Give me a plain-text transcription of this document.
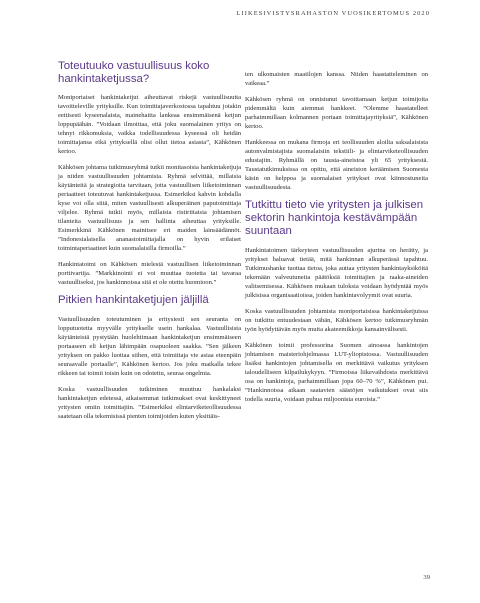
LIIKESIVISTYSRAHASTON VUOSIKERTOMUS 2020
Toteutuuko vastuullisuus koko hankintaketjussa?

Moniportaiset hankintaketjut aiheuttavat riskejä vastuullisuutta tavoitteleville yrityksille. Kun toimittajaverkostossa tapahtuu jotakin eettisesti kyseenalaista, mainehaitta lankeaa ensimmäisenä ketjun loppupäähän. ”Voidaan ilmoittaa, että joku suomalainen yritys on tehnyt rikkomuksia, vaikka todellisuudessa kyseessä oli heidän toimittajansa eikä yrityksellä olisi ollut tietoa asiasta”, Kähkönen kertoo.

Kähkösen johtama tutkimusryhmä tutkii monitasoisia hankintaketjuja ja niiden vastuullisuuden johtamista. Ryhmä selvittää, millaisia käytänteitä ja strategioita tarvitaan, jotta vastuullisen liiketoiminnan periaatteet toteutuvat hankintaketjussa. Esimerkiksi kahvin kohdalla kyse voi olla siitä, miten vastuullisesti alkuperäinen paputoimittaja viljelee. Ryhmä tutkii myös, millaisia ristiriitaisia johtamisen tilanteita vastuullisuus ja sen hallinta aiheuttaa yrityksille. Esimerkkinä Kähkönen mainitsee eri maiden lainsäädännöt. ”Indonesialaisella ananastoimittajalla on hyvin erilaiset toimintaperiaatteet kuin suomalaisilla firmoilla.”

Hankintatoimi on Kähkösen mielestä vastuullisen liiketoiminnan porttivartija. ”Markkinointi ei voi muuttaa tuotetta tai tavaraa vastuulliseksi, jos hankinnoissa sitä ei ole otettu huomioon.”

Pitkien hankintaketjujen jäljillä

Vastuullisuuden toteutuminen ja eritysiesti sen seuranta on lopputuotetta myyvälle yritykselle usein hankalaa. Vastuullisista käytänteistä pystytään huolehtimaan hankintaketjun ensimmäiseen portaaseen eli ketjun lähimpään osapuoleen saakka. ”Sen jälkeen yrityksen on pakko luottaa siihen, että toimittaja vie asiaa eteenpäin seuraavalle portaalle”, Kähkönen kertoo. Jos joku matkalla tekee rikkeen tai toimii toisin kuin on odotettu, seuraa ongelmia.

Koska vastuullisuuden tutkiminen muuttuu hankalaksi hankintaketjun edetessä, aikaisemmat tutkimukset ovat keskittyneet yritysten omiin toimittajiin. ”Esimerkiksi elintarviketeollisuudessa saatetaan olla tekemisissä pienten toimijoiden kuten yksittäis-

ten ulkomaisten maatilojen kanssa. Niiden haastatteleminen on vaikeaa.”

Kähkösen ryhmä on onnistunut tavoittamaan ketjun toimijoita pidemmältä kuin aiemmat hankkeet. ”Olemme haastatelleet parhaimmillaan kolmannen portaan toimittajayrityksiä”, Kähkönen kertoo.

Hankkeessa on mukana firmoja eri teollisuuden aloilta saksalaisista autonvalmistajista suomalaisiin tekstiili- ja elintarviketeollisuuden edustajiin. Ryhmällä on tausta-aineistoa yli 65 yrityksestä. Taustatutkimuksissa on opittu, että aineiston keräämisen Suomesta käsin on helppoa ja suomalaiset yritykset ovat kiinnostuneita vastuullisuudesta.

Tutkittu tieto vie yritysten ja julkisen sektorin hankintoja kestävämpään suuntaan

Hankintatoimen tärkeyteen vastuullisuuden ajurina on herätty, ja yritykset haluavat tietää, mitä hankinnan alkuperässä tapahtuu. Tutkimushanke tuottaa tietoa, joka auttaa yritysten hankintayksiköitä tekemään valveutuneita päätöksiä toimittajien ja raaka-aineiden valitsemisessa. Kähkösen mukaan tuloksia voidaan hyödyntää myös julkisissa organisaatioissa, joiden hankintavolyymit ovat suuria.

Koska vastuullisuuden johtamista moniportaisissa hankintaketjuissa on tutkittu entuudestaan vähän, Kähkösen kertoo tutkimusryhmän työn hyödyttävän myös muita akateemikkoja kansainvälisesti.

Kähkönen toimii professorina Suomen ainoassa hankintojen johtamisen maisteriohjelmassa LUT-yliopistossa. Vastuullisuuden lisäksi hankintojen johtamisella on merkittävä vaikutus yrityksen taloudelliseen kilpailukykyyn. ”Firmoissa liikevaihdosta merkittävä osa on hankintoja, parhaimmillaan jopa 60–70 %”, Kähkönen pui. ”Hankinnoissa aikaan saatavien säästöjen vaikutukset ovat siis todella suuria, voidaan puhua miljoonista euroista.”

39
